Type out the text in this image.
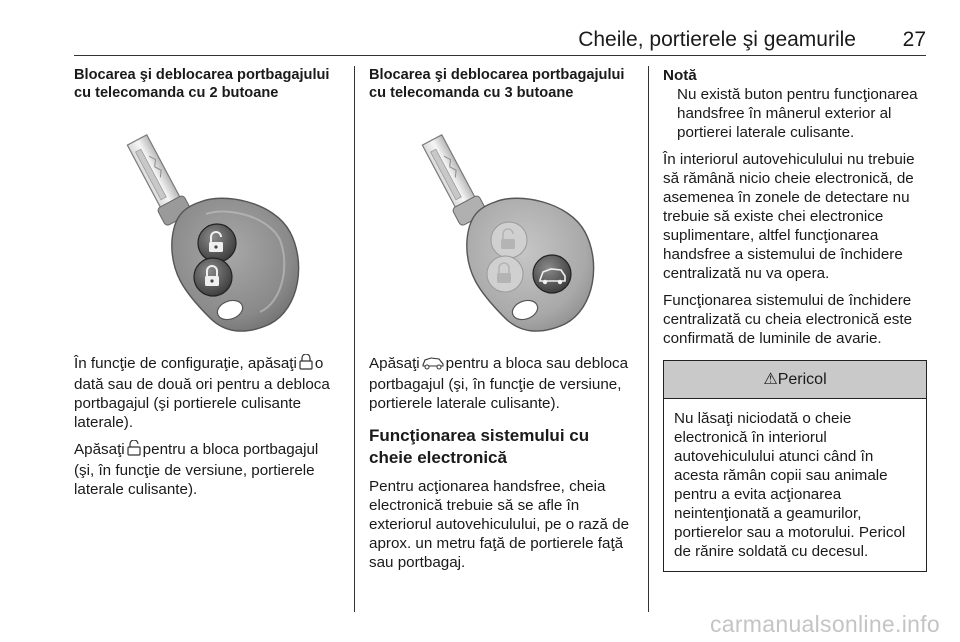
Cheile, portierele şi geamurile 27
Blocarea şi deblocarea portbagajului cu telecomanda cu 2 butoane

În funcţie de configuraţie, apăsaţi o dată sau de două ori pentru a debloca portbagajul (şi portierele culisante laterale).

Apăsaţi pentru a bloca portbagajul (şi, în funcţie de versiune, portierele laterale culisante).

Blocarea şi deblocarea portbagajului cu telecomanda cu 3 butoane

Apăsaţi pentru a bloca sau debloca portbagajul (şi, în funcţie de versiune, portierele laterale culisante).

Funcţionarea sistemului cu cheie electronică

Pentru acţionarea handsfree, cheia electronică trebuie să se afle în exteriorul autovehiculului, pe o rază de aprox. un metru faţă de portierele faţă sau portbagaj.

Notă
Nu există buton pentru funcţionarea handsfree în mânerul exterior al portierei laterale culisante.

În interiorul autovehiculului nu trebuie să rămână nicio cheie electronică, de asemenea în zonele de detectare nu trebuie să existe chei electronice suplimentare, altfel funcţionarea handsfree a sistemului de închidere centralizată nu va opera.

Funcţionarea sistemului de închidere centralizată cu cheia electronică este confirmată de luminile de avarie.

⚠ Pericol
Nu lăsaţi niciodată o cheie electronică în interiorul autovehiculului atunci când în acesta rămân copii sau animale pentru a evita acţionarea neintenţionată a geamurilor, portierelor sau a motorului. Pericol de rănire soldată cu decesul.
carmanualsonline.info
